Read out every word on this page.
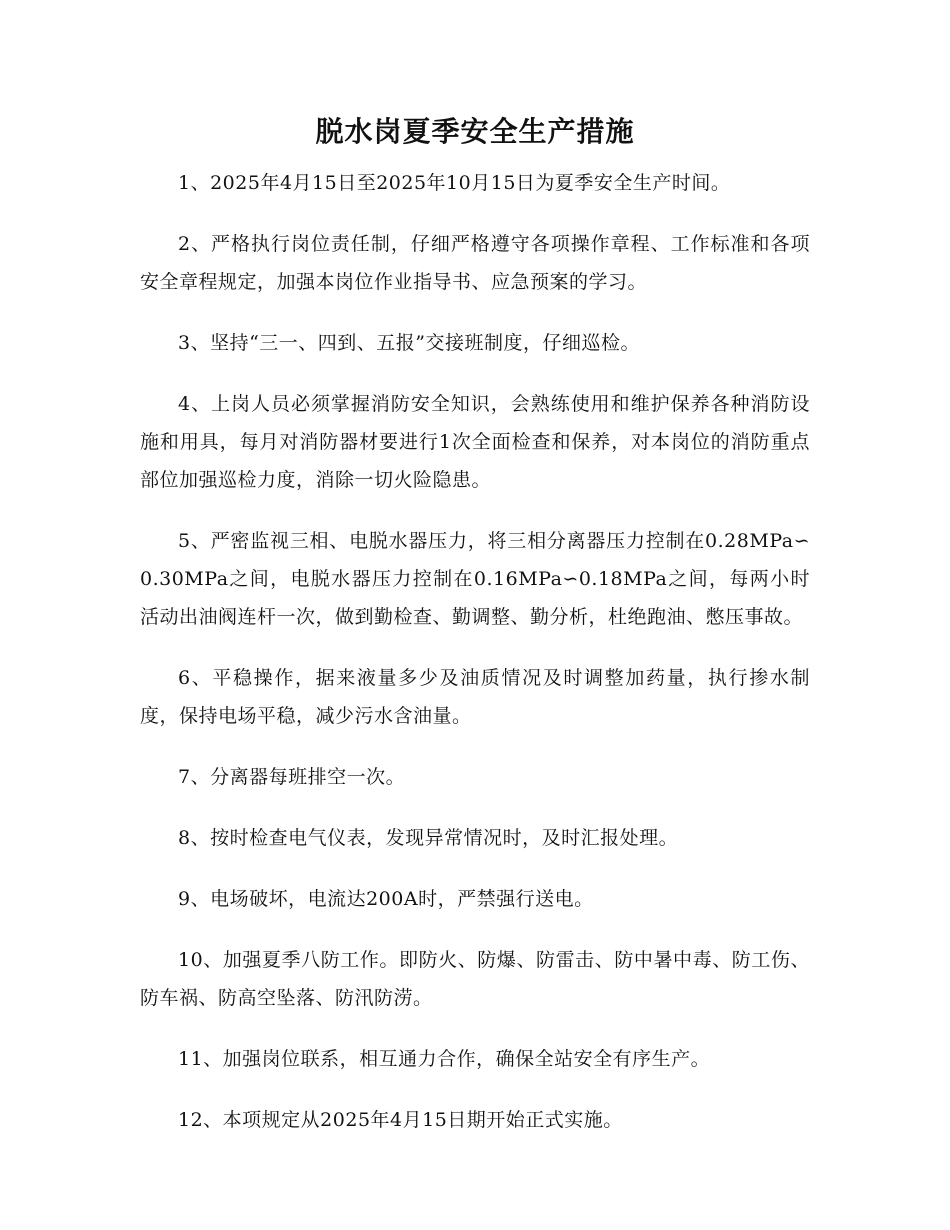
脱水岗夏季安全生产措施

1、2025年4月15日至2025年10月15日为夏季安全生产时间。

2、严格执行岗位责任制，仔细严格遵守各项操作章程、工作标准和各项安全章程规定，加强本岗位作业指导书、应急预案的学习。

3、坚持“三一、四到、五报”交接班制度，仔细巡检。

4、上岗人员必须掌握消防安全知识，会熟练使用和维护保养各种消防设施和用具，每月对消防器材要进行1次全面检查和保养，对本岗位的消防重点部位加强巡检力度，消除一切火险隐患。

5、严密监视三相、电脱水器压力，将三相分离器压力控制在0.28MPa∽0.30MPa之间，电脱水器压力控制在0.16MPa∽0.18MPa之间，每两小时活动出油阀连杆一次，做到勤检查、勤调整、勤分析，杜绝跑油、憋压事故。

6、平稳操作，据来液量多少及油质情况及时调整加药量，执行掺水制度，保持电场平稳，减少污水含油量。

7、分离器每班排空一次。

8、按时检查电气仪表，发现异常情况时，及时汇报处理。

9、电场破坏，电流达200A时，严禁强行送电。

10、加强夏季八防工作。即防火、防爆、防雷击、防中暑中毒、防工伤、防车祸、防高空坠落、防汛防涝。

11、加强岗位联系，相互通力合作，确保全站安全有序生产。

12、本项规定从2025年4月15日期开始正式实施。
